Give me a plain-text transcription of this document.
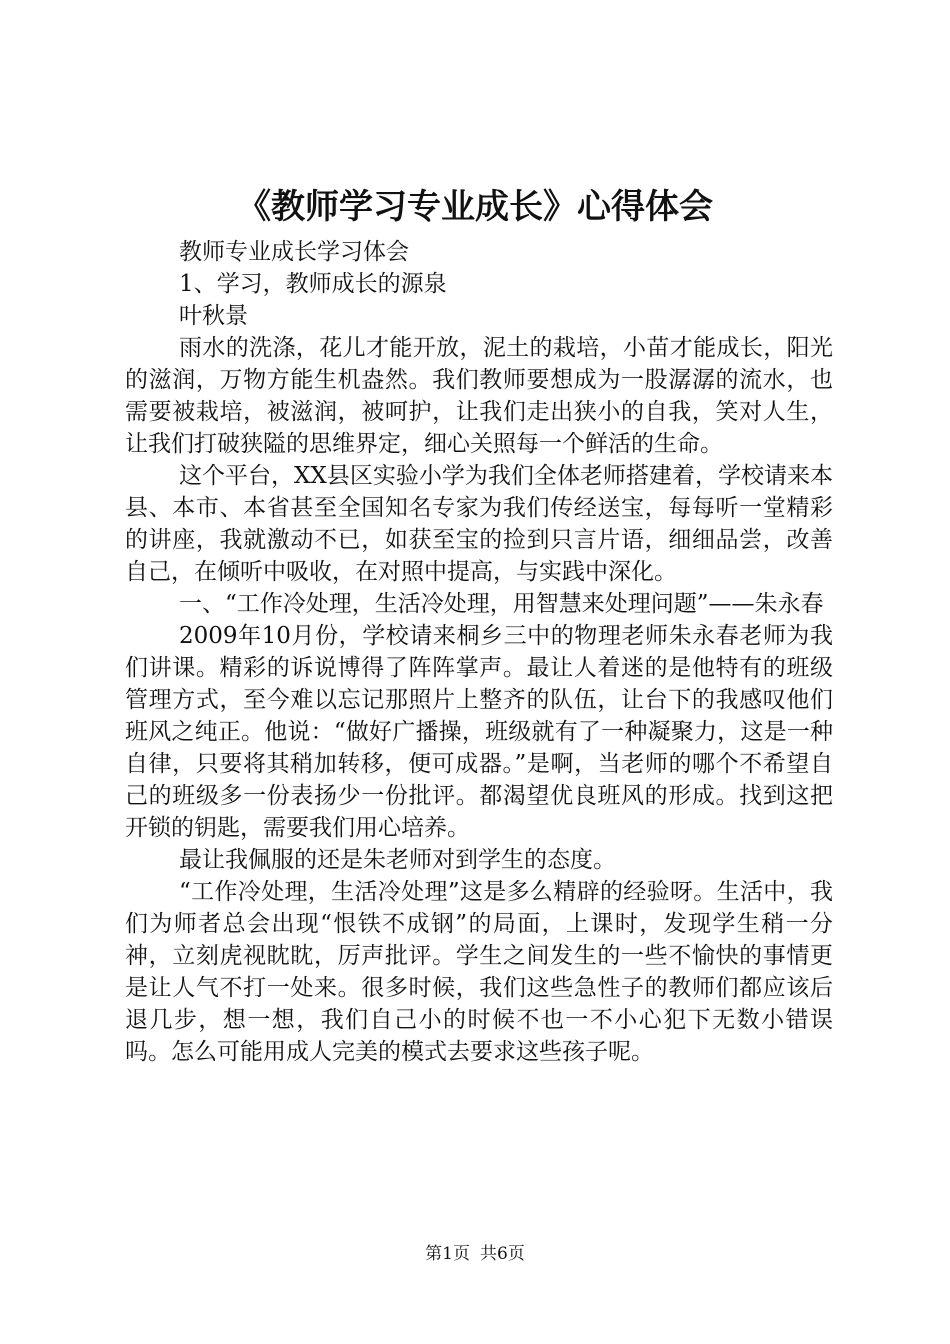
《教师学习专业成长》心得体会

教师专业成长学习体会

1、学习，教师成长的源泉

叶秋景

雨水的洗涤，花儿才能开放，泥土的栽培，小苗才能成长，阳光的滋润，万物方能生机盎然。我们教师要想成为一股潺潺的流水，也需要被栽培，被滋润，被呵护，让我们走出狭小的自我，笑对人生，让我们打破狭隘的思维界定，细心关照每一个鲜活的生命。

这个平台，XX县区实验小学为我们全体老师搭建着，学校请来本县、本市、本省甚至全国知名专家为我们传经送宝，每每听一堂精彩的讲座，我就激动不已，如获至宝的捡到只言片语，细细品尝，改善自己，在倾听中吸收，在对照中提高，与实践中深化。

一、“工作冷处理，生活冷处理，用智慧来处理问题”——朱永春

2009年10月份，学校请来桐乡三中的物理老师朱永春老师为我们讲课。精彩的诉说博得了阵阵掌声。最让人着迷的是他特有的班级管理方式，至今难以忘记那照片上整齐的队伍，让台下的我感叹他们班风之纯正。他说：“做好广播操，班级就有了一种凝聚力，这是一种自律，只要将其稍加转移，便可成器。”是啊，当老师的哪个不希望自己的班级多一份表扬少一份批评。都渴望优良班风的形成。找到这把开锁的钥匙，需要我们用心培养。

最让我佩服的还是朱老师对到学生的态度。

“工作冷处理，生活冷处理”这是多么精辟的经验呀。生活中，我们为师者总会出现“恨铁不成钢”的局面，上课时，发现学生稍一分神，立刻虎视眈眈，厉声批评。学生之间发生的一些不愉快的事情更是让人气不打一处来。很多时候，我们这些急性子的教师们都应该后退几步，想一想，我们自己小的时候不也一不小心犯下无数小错误吗。怎么可能用成人完美的模式去要求这些孩子呢。

第1页 共6页
